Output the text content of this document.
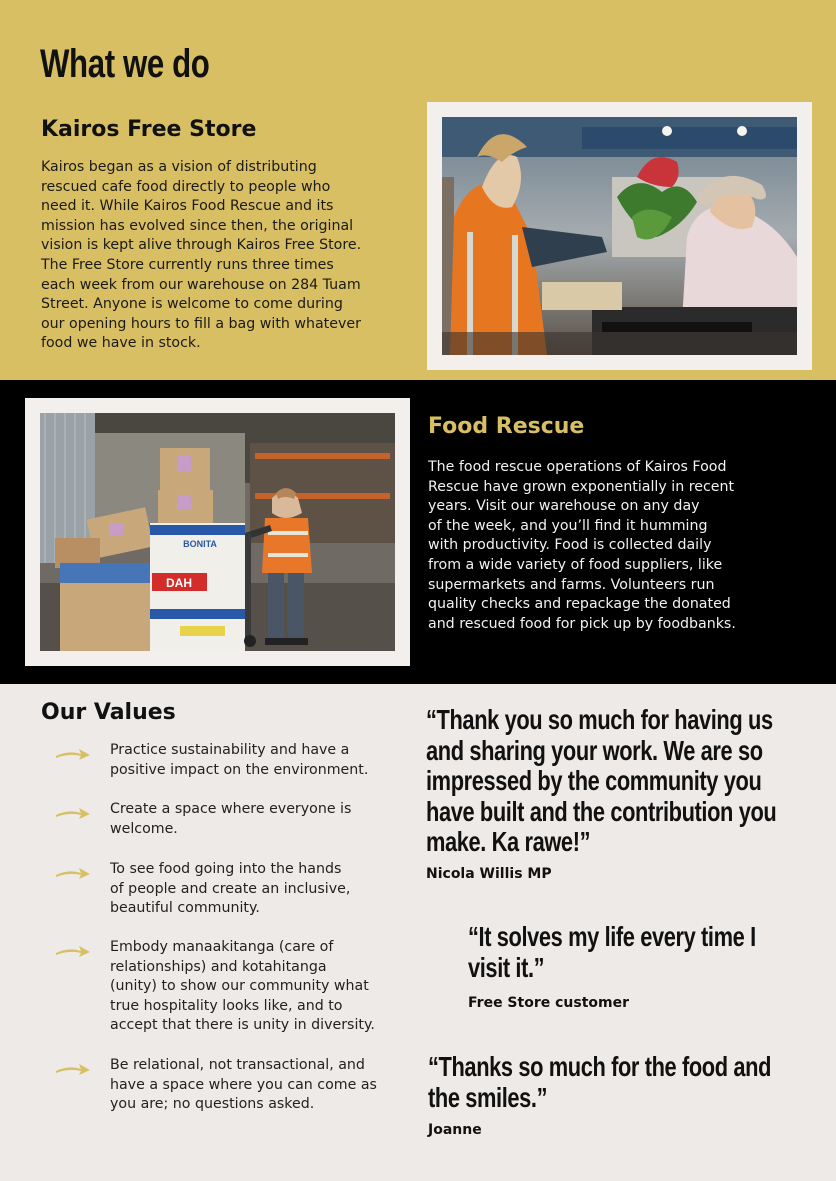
What we do
Kairos Free Store
Kairos began as a vision of distributing
rescued cafe food directly to people who
need it. While Kairos Food Rescue and its
mission has evolved since then, the original
vision is kept alive through Kairos Free Store.
The Free Store currently runs three times
each week from our warehouse on 284 Tuam
Street. Anyone is welcome to come during
our opening hours to fill a bag with whatever
food we have in stock.
Food Rescue
The food rescue operations of Kairos Food
Rescue have grown exponentially in recent
years. Visit our warehouse on any day
of the week, and you’ll find it humming
with productivity. Food is collected daily
from a wide variety of food suppliers, like
supermarkets and farms. Volunteers run
quality checks and repackage the donated
and rescued food for pick up by foodbanks.
BONITA
DAH
Our Values
Practice sustainability and have a
positive impact on the environment.
Create a space where everyone is
welcome.
To see food going into the hands
of people and create an inclusive,
beautiful community.
Embody manaakitanga (care of
relationships) and kotahitanga
(unity) to show our community what
true hospitality looks like, and to
accept that there is unity in diversity.
Be relational, not transactional, and
have a space where you can come as
you are; no questions asked.
“Thank you so much for having us
and sharing your work. We are so
impressed by the community you
have built and the contribution you
make. Ka rawe!”
Nicola Willis MP
“It solves my life every time I
visit it.”
Free Store customer
“Thanks so much for the food and
the smiles.”
Joanne
